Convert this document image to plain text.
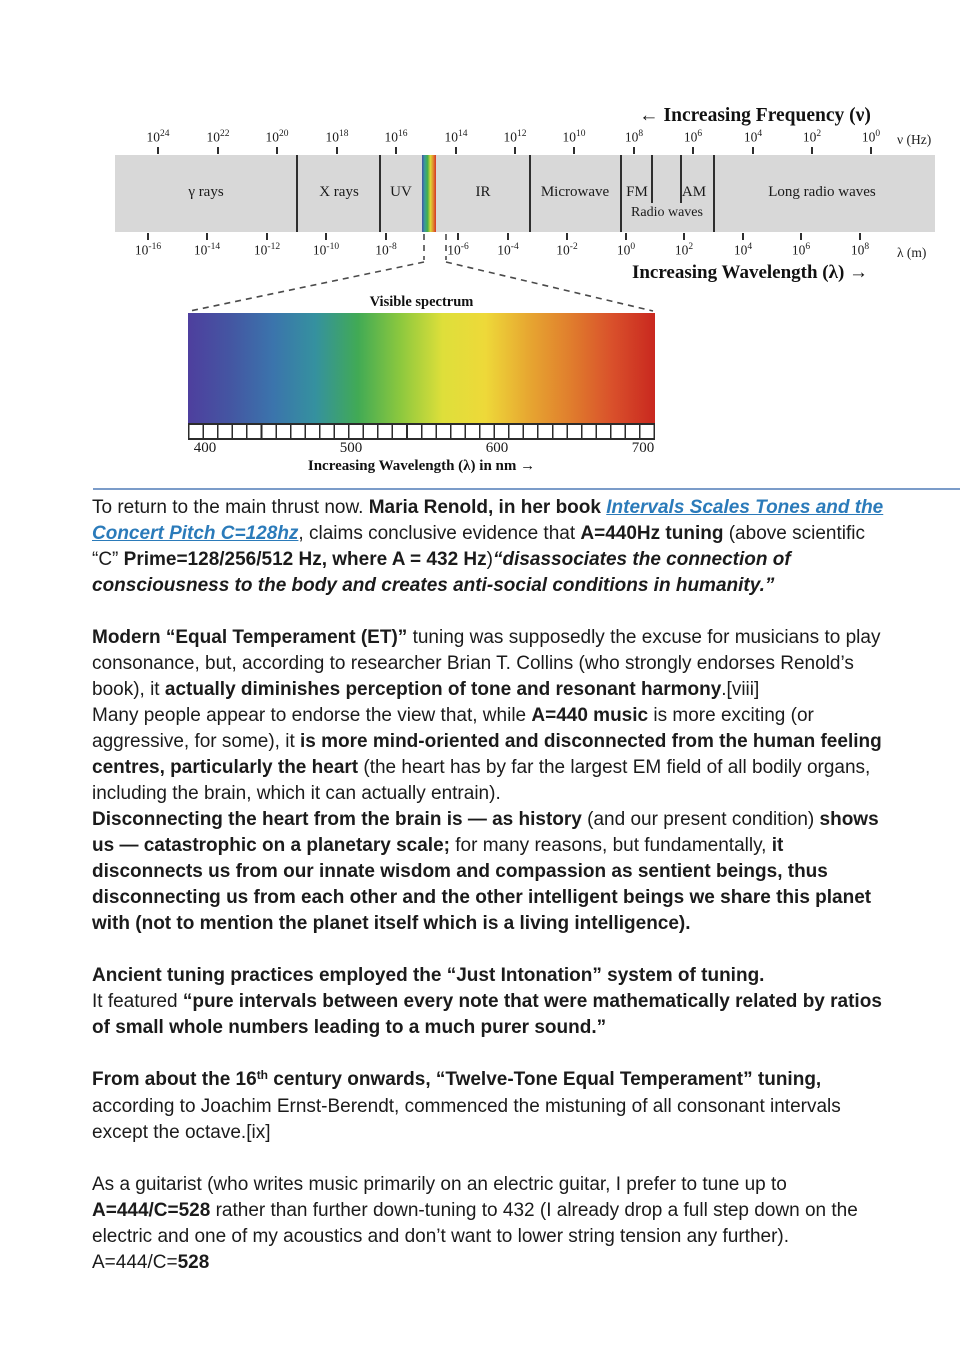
← Increasing Frequency (ν)
$10^{24}$	$10^{22}$	$10^{20}$	$10^{18}$	$10^{16}$	$10^{14}$	$10^{12}$	$10^{10}$	$10^8$	$10^6$	$10^4$	$10^2$	$10^0$ ν (Hz)
γ rays	X rays UV	IR	Microwave FM AM	Long radio waves
Radio waves
$10^{-16}$ $10^{-14}$	$10^{-12}$ $10^{-10}$	$10^{-8}$	$10^{-6}$ $10^{-4}$	$10^{-2}$	$10^0$	$10^2$	$10^4$	$10^6$	$10^8$ λ (m)
Increasing Wavelength (λ) →
Visible spectrum
400	500	600	700
Increasing Wavelength (λ) in nm →

To return to the main thrust now. Maria Renold, in her book Intervals Scales Tones and the Concert Pitch C=128hz, claims conclusive evidence that A=440Hz tuning (above scientific “C” Prime=128/256/512 Hz, where A = 432 Hz)“disassociates the connection of consciousness to the body and creates anti-social conditions in humanity.”

Modern “Equal Temperament (ET)” tuning was supposedly the excuse for musicians to play consonance, but, according to researcher Brian T. Collins (who strongly endorses Renold’s book), it actually diminishes perception of tone and resonant harmony.[viii]
Many people appear to endorse the view that, while A=440 music is more exciting (or aggressive, for some), it is more mind-oriented and disconnected from the human feeling centres, particularly the heart (the heart has by far the largest EM field of all bodily organs, including the brain, which it can actually entrain).

Disconnecting the heart from the brain is — as history (and our present condition) shows us — catastrophic on a planetary scale; for many reasons, but fundamentally, it disconnects us from our innate wisdom and compassion as sentient beings, thus disconnecting us from each other and the other intelligent beings we share this planet with (not to mention the planet itself which is a living intelligence).

Ancient tuning practices employed the “Just Intonation” system of tuning.
It featured “pure intervals between every note that were mathematically related by ratios of small whole numbers leading to a much purer sound.”

From about the 16th century onwards, “Twelve-Tone Equal Temperament” tuning, according to Joachim Ernst-Berendt, commenced the mistuning of all consonant intervals except the octave.[ix]

As a guitarist (who writes music primarily on an electric guitar, I prefer to tune up to A=444/C=528 rather than further down-tuning to 432 (I already drop a full step down on the electric and one of my acoustics and don’t want to lower string tension any further).
A=444/C=528
